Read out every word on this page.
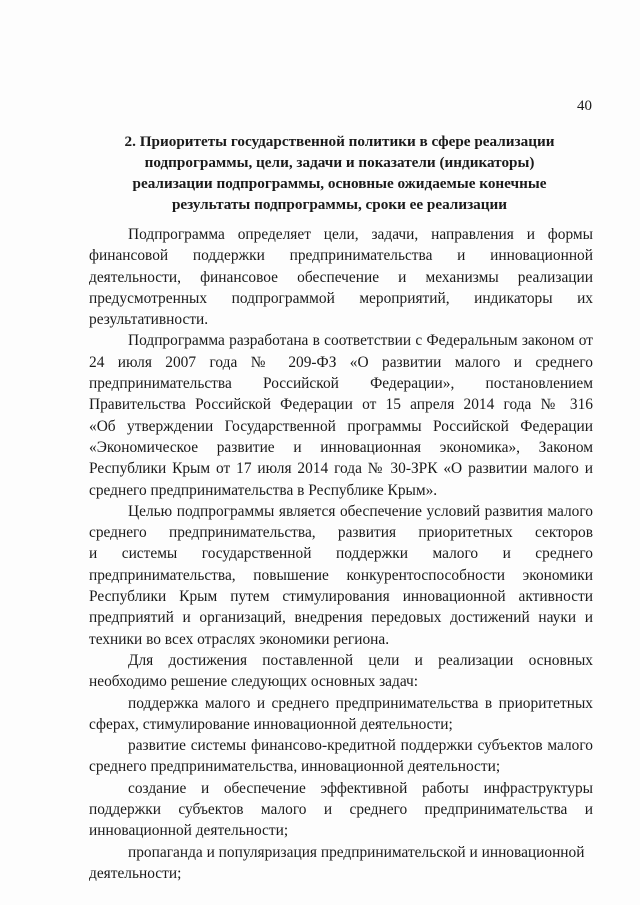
40
2. Приоритеты государственной политики в сфере реализации
подпрограммы, цели, задачи и показатели (индикаторы)
реализации подпрограммы, основные ожидаемые конечные
результаты подпрограммы, сроки ее реализации
Подпрограмма определяет цели, задачи, направления и формы
финансовой поддержки предпринимательства и инновационной
деятельности, финансовое обеспечение и механизмы реализации
предусмотренных подпрограммой мероприятий, индикаторы их
результативности.
Подпрограмма разработана в соответствии с Федеральным законом от
24 июля 2007 года № 209-ФЗ «О развитии малого и среднего
предпринимательства Российской Федерации», постановлением
Правительства Российской Федерации от 15 апреля 2014 года № 316
«Об утверждении Государственной программы Российской Федерации
«Экономическое развитие и инновационная экономика», Законом
Республики Крым от 17 июля 2014 года № 30-ЗРК «О развитии малого и
среднего предпринимательства в Республике Крым».
Целью подпрограммы является обеспечение условий развития малого
среднего предпринимательства, развития приоритетных секторов
и системы государственной поддержки малого и среднего
предпринимательства, повышение конкурентоспособности экономики
Республики Крым путем стимулирования инновационной активности
предприятий и организаций, внедрения передовых достижений науки и
техники во всех отраслях экономики региона.
Для достижения поставленной цели и реализации основных
необходимо решение следующих основных задач:
поддержка малого и среднего предпринимательства в приоритетных
сферах, стимулирование инновационной деятельности;
развитие системы финансово-кредитной поддержки субъектов малого
среднего предпринимательства, инновационной деятельности;
создание и обеспечение эффективной работы инфраструктуры
поддержки субъектов малого и среднего предпринимательства и
инновационной деятельности;
пропаганда и популяризация предпринимательской и инновационной
деятельности;
